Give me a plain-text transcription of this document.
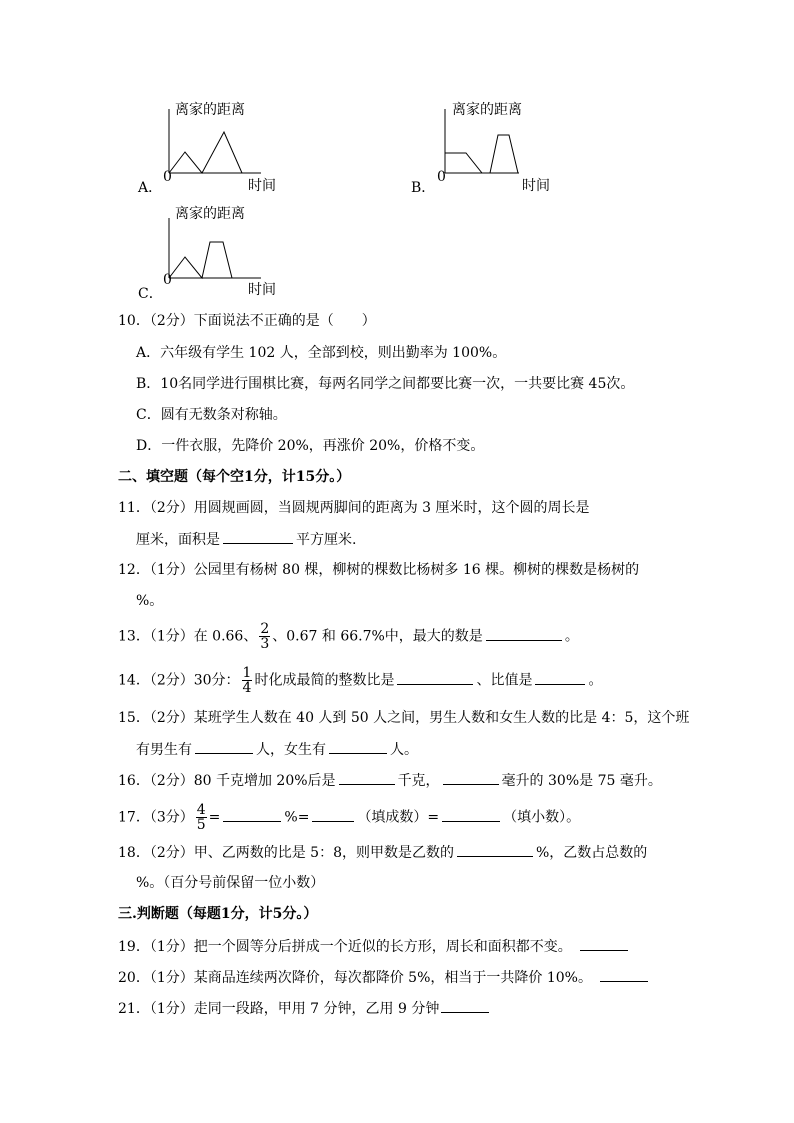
离家的距离
0
时间
A．
离家的距离
0
时间
B．
离家的距离
0
时间
C．
10．（2分）下面说法不正确的是（　　）
A．六年级有学生 102 人，全部到校，则出勤率为 100%。
B．10名同学进行围棋比赛，每两名同学之间都要比赛一次，一共要比赛 45次。
C．圆有无数条对称轴。
D．一件衣服，先降价 20%，再涨价 20%，价格不变。
二、填空题（每个空1分，计15分。）
11．（2分）用圆规画圆，当圆规两脚间的距离为 3 厘米时，这个圆的周长是
厘米，面积是	平方厘米.
12．（1分）公园里有杨树 80 棵，柳树的棵数比杨树多 16 棵。柳树的棵数是杨树的
%。
13．（1分）在 0.66、 $\frac{2}{3}$ 、0.67 和 66.7%中，最大的数是	。
14．（2分）30分： $\frac{1}{4}$ 时化成最简的整数比是	、比值是	。
15．（2分）某班学生人数在 40 人到 50 人之间，男生人数和女生人数的比是 4：5，这个班
有男生有	人，女生有	人。
16．（2分）80 千克增加 20%后是	千克，	毫升的 30%是 75 毫升。
17．（3分） $\frac{4}{5}$ =	%=	（填成数）=	（填小数）。
18．（2分）甲、乙两数的比是 5：8，则甲数是乙数的	%，乙数占总数的
%。（百分号前保留一位小数）
三.判断题（每题1分，计5分。）
19．（1分）把一个圆等分后拼成一个近似的长方形，周长和面积都不变。
20．（1分）某商品连续两次降价，每次都降价 5%，相当于一共降价 10%。
21．（1分）走同一段路，甲用 7 分钟，乙用 9 分钟
